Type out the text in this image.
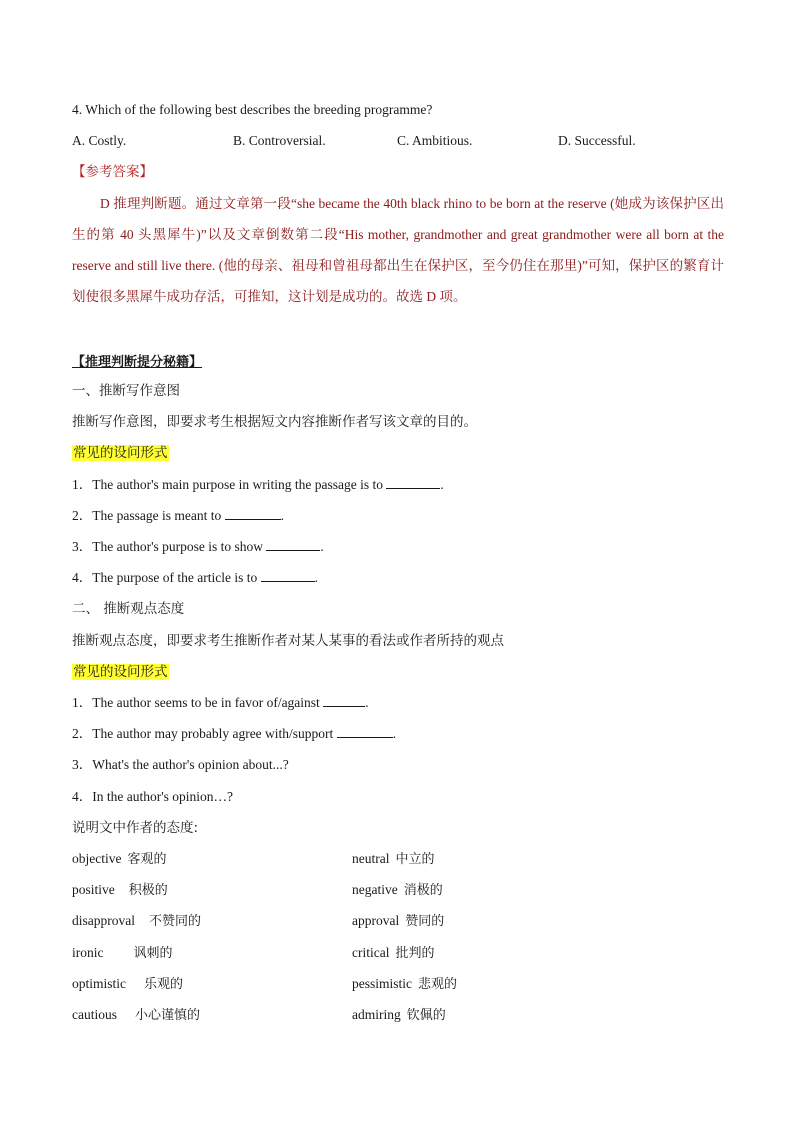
4. Which of the following best describes the breeding programme?
A. Costly.	B. Controversial.	C. Ambitious.	D. Successful.
【参考答案】
D 推理判断题。通过文章第一段“she became the 40th black rhino to be born at the reserve (她成为该保护区出生的第 40 头黑犀牛)”以及文章倒数第二段“His mother, grandmother and great grandmother were all born at the reserve and still live there. (他的母亲、祖母和曾祖母都出生在保护区，至今仍住在那里)”可知，保护区的繁育计划使很多黑犀牛成功存活，可推知，这计划是成功的。故选 D 项。
【推理判断提分秘籍】
一、推断写作意图
推断写作意图，即要求考生根据短文内容推断作者写该文章的目的。
常见的设问形式
1．The author's main purpose in writing the passage is to	.
2．The passage is meant to	.
3．The author's purpose is to show	.
4．The purpose of the article is to	.
二、 推断观点态度
推断观点态度，即要求考生推断作者对某人某事的看法或作者所持的观点
常见的设问形式
1．The author seems to be in favor of/against	.
2．The author may probably agree with/support	.
3．What's the author's opinion about...?
4．In the author's opinion…?
说明文中作者的态度:
objective 客观的	neutral 中立的
positive 积极的	negative 消极的
disapproval 不赞同的	approval 赞同的
ironic 讽刺的	critical 批判的
optimistic 乐观的	pessimistic 悲观的
cautious 小心谨慎的	admiring 钦佩的
